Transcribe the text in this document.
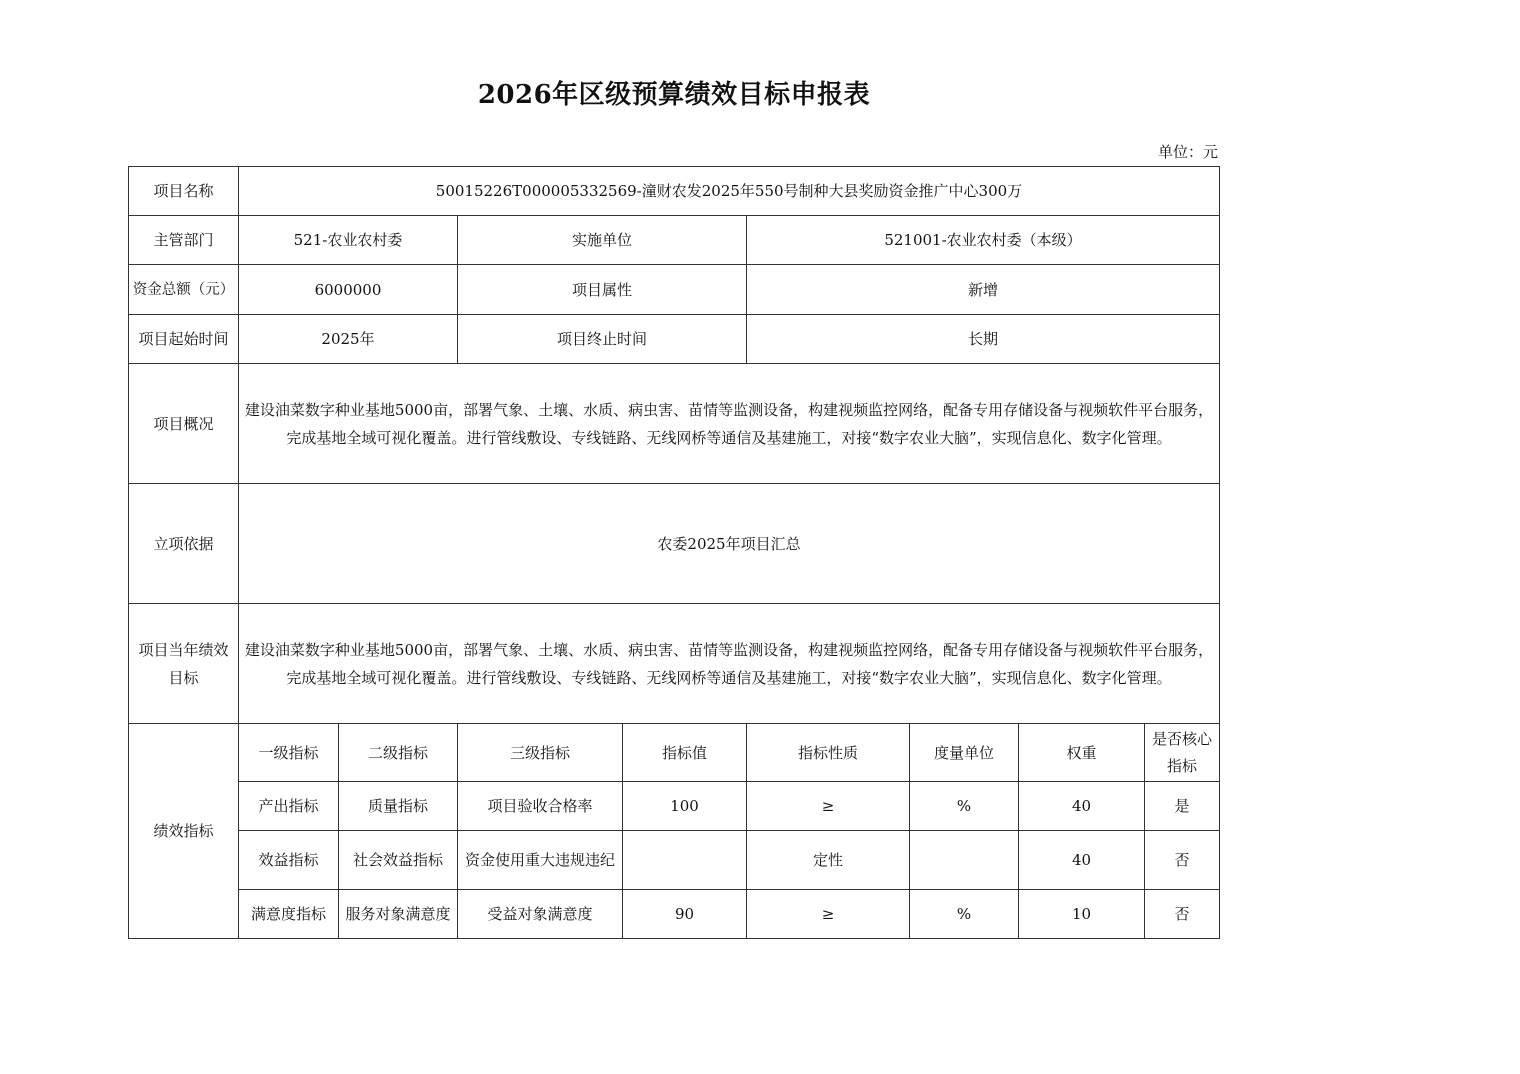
2026年区级预算绩效目标申报表
单位：元
项目名称	50015226T000005332569-潼财农发2025年550号制种大县奖励资金推广中心300万							
主管部门	521-农业农村委		实施单位		521001-农业农村委（本级）			
资金总额（元）	6000000		项目属性		新增			
项目起始时间	2025年		项目终止时间		长期			
项目概况	建设油菜数字种业基地5000亩，部署气象、土壤、水质、病虫害、苗情等监测设备，构建视频监控网络，配备专用存储设备与视频软件平台服务，完成基地全域可视化覆盖。进行管线敷设、专线链路、无线网桥等通信及基建施工，对接“数字农业大脑”，实现信息化、数字化管理。							
立项依据	农委2025年项目汇总							
项目当年绩效目标	建设油菜数字种业基地5000亩，部署气象、土壤、水质、病虫害、苗情等监测设备，构建视频监控网络，配备专用存储设备与视频软件平台服务，完成基地全域可视化覆盖。进行管线敷设、专线链路、无线网桥等通信及基建施工，对接“数字农业大脑”，实现信息化、数字化管理。							
绩效指标	一级指标	二级指标	三级指标	指标值	指标性质	度量单位	权重	是否核心指标
	产出指标	质量指标	项目验收合格率	100	≥	%	40	是
	效益指标	社会效益指标	资金使用重大违规违纪		定性		40	否
	满意度指标	服务对象满意度	受益对象满意度	90	≥	%	10	否
